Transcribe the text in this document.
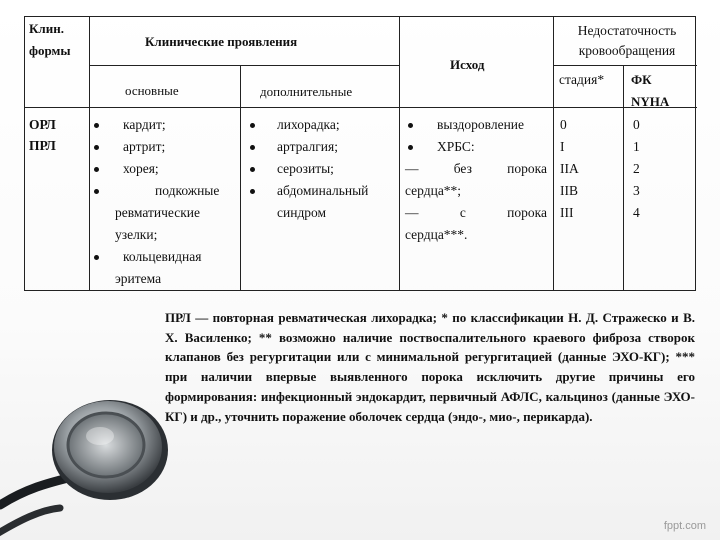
Клин.
формы
Клинические проявления
основные	дополнительные
Исход
Недостаточность
кровообращения
стадия* ФК
NYHA
ОРЛ
ПРЛ
кардит;
артрит;
хорея;
подкожные
ревматические
узелки;
кольцевидная
эритема
лихорадка;
артралгия;
серозиты;
абдоминальный
синдром
выздоровление
ХРБС:
— без порока
сердца**;
— с порока
сердца***.
0
I
IIA
IIB
III
0
1
2
3
4
ПРЛ — повторная ревматическая лихорадка; * по классификации Н. Д. Стражеско и В. Х. Василенко; ** возможно наличие поствоспалительного краевого фиброза створок клапанов без регургитации или с минимальной регургитацией (данные ЭХО-КГ); *** при наличии впервые выявленного порока исключить другие причины его формирования: инфекционный эндокардит, первичный АФЛС, кальциноз (данные ЭХО-КГ) и др., уточнить поражение оболочек сердца (эндо-, мио-, перикарда).
fppt.com
